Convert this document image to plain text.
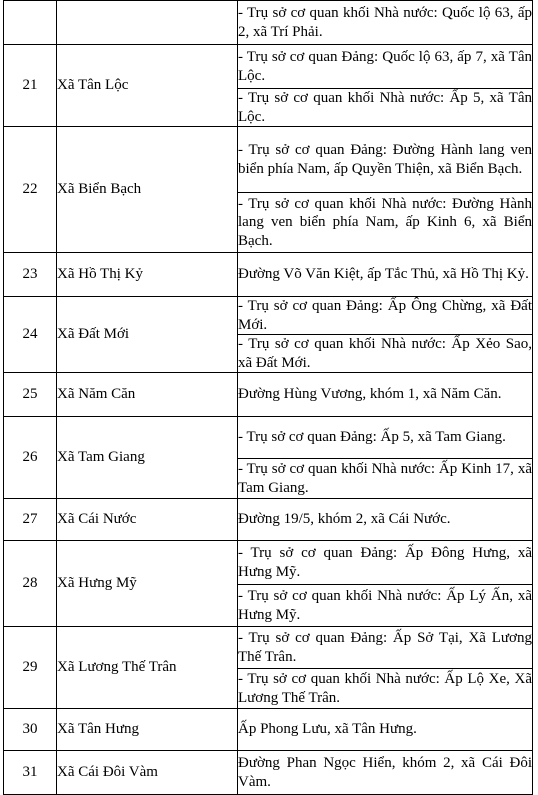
		- Trụ sở cơ quan khối Nhà nước: Quốc lộ 63, ấp 2, xã Trí Phải.
21	Xã Tân Lộc	- Trụ sở cơ quan Đảng: Quốc lộ 63, ấp 7, xã Tân Lộc.
		- Trụ sở cơ quan khối Nhà nước: Ấp 5, xã Tân Lộc.
22	Xã Biển Bạch	- Trụ sở cơ quan Đảng: Đường Hành lang ven biển phía Nam, ấp Quyền Thiện, xã Biển Bạch.
		- Trụ sở cơ quan khối Nhà nước: Đường Hành lang ven biển phía Nam, ấp Kinh 6, xã Biển Bạch.
23	Xã Hồ Thị Kỷ	Đường Võ Văn Kiệt, ấp Tắc Thủ, xã Hồ Thị Kỷ.
24	Xã Đất Mới	- Trụ sở cơ quan Đảng: Ấp Ông Chừng, xã Đất Mới.
		- Trụ sở cơ quan khối Nhà nước: Ấp Xẻo Sao, xã Đất Mới.
25	Xã Năm Căn	Đường Hùng Vương, khóm 1, xã Năm Căn.
26	Xã Tam Giang	- Trụ sở cơ quan Đảng: Ấp 5, xã Tam Giang.
		- Trụ sở cơ quan khối Nhà nước: Ấp Kinh 17, xã Tam Giang.
27	Xã Cái Nước	Đường 19/5, khóm 2, xã Cái Nước.
28	Xã Hưng Mỹ	- Trụ sở cơ quan Đảng: Ấp Đông Hưng, xã Hưng Mỹ.
		- Trụ sở cơ quan khối Nhà nước: Ấp Lý Ấn, xã Hưng Mỹ.
29	Xã Lương Thế Trân	- Trụ sở cơ quan Đảng: Ấp Sở Tại, Xã Lương Thế Trân.
		- Trụ sở cơ quan khối Nhà nước: Ấp Lộ Xe, Xã Lương Thế Trân.
30	Xã Tân Hưng	Ấp Phong Lưu, xã Tân Hưng.
31	Xã Cái Đôi Vàm	Đường Phan Ngọc Hiển, khóm 2, xã Cái Đôi Vàm.
